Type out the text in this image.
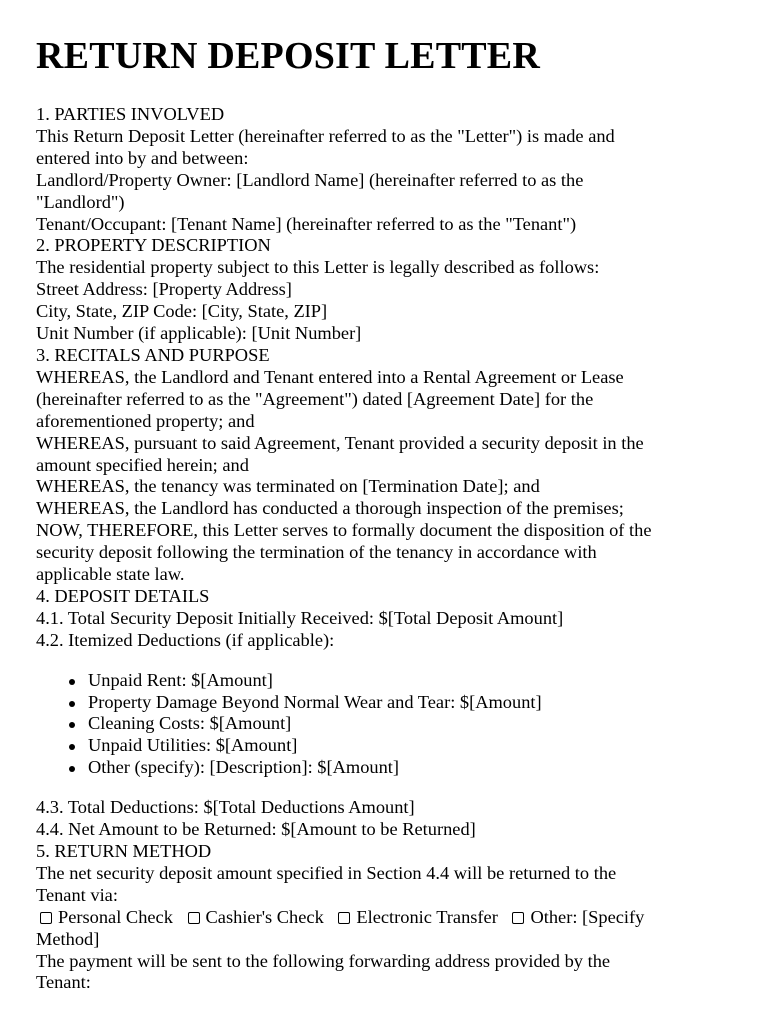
RETURN DEPOSIT LETTER
1. PARTIES INVOLVED
This Return Deposit Letter (hereinafter referred to as the "Letter") is made and
entered into by and between:
Landlord/Property Owner: [Landlord Name] (hereinafter referred to as the
"Landlord")
Tenant/Occupant: [Tenant Name] (hereinafter referred to as the "Tenant")
2. PROPERTY DESCRIPTION
The residential property subject to this Letter is legally described as follows:
Street Address: [Property Address]
City, State, ZIP Code: [City, State, ZIP]
Unit Number (if applicable): [Unit Number]
3. RECITALS AND PURPOSE
WHEREAS, the Landlord and Tenant entered into a Rental Agreement or Lease
(hereinafter referred to as the "Agreement") dated [Agreement Date] for the
aforementioned property; and
WHEREAS, pursuant to said Agreement, Tenant provided a security deposit in the
amount specified herein; and
WHEREAS, the tenancy was terminated on [Termination Date]; and
WHEREAS, the Landlord has conducted a thorough inspection of the premises;
NOW, THEREFORE, this Letter serves to formally document the disposition of the
security deposit following the termination of the tenancy in accordance with
applicable state law.
4. DEPOSIT DETAILS
4.1. Total Security Deposit Initially Received: $[Total Deposit Amount]
4.2. Itemized Deductions (if applicable):
Unpaid Rent: $[Amount]
Property Damage Beyond Normal Wear and Tear: $[Amount]
Cleaning Costs: $[Amount]
Unpaid Utilities: $[Amount]
Other (specify): [Description]: $[Amount]
4.3. Total Deductions: $[Total Deductions Amount]
4.4. Net Amount to be Returned: $[Amount to be Returned]
5. RETURN METHOD
The net security deposit amount specified in Section 4.4 will be returned to the
Tenant via:
Personal Check Cashier's Check Electronic Transfer Other: [Specify
Method]
The payment will be sent to the following forwarding address provided by the
Tenant:
